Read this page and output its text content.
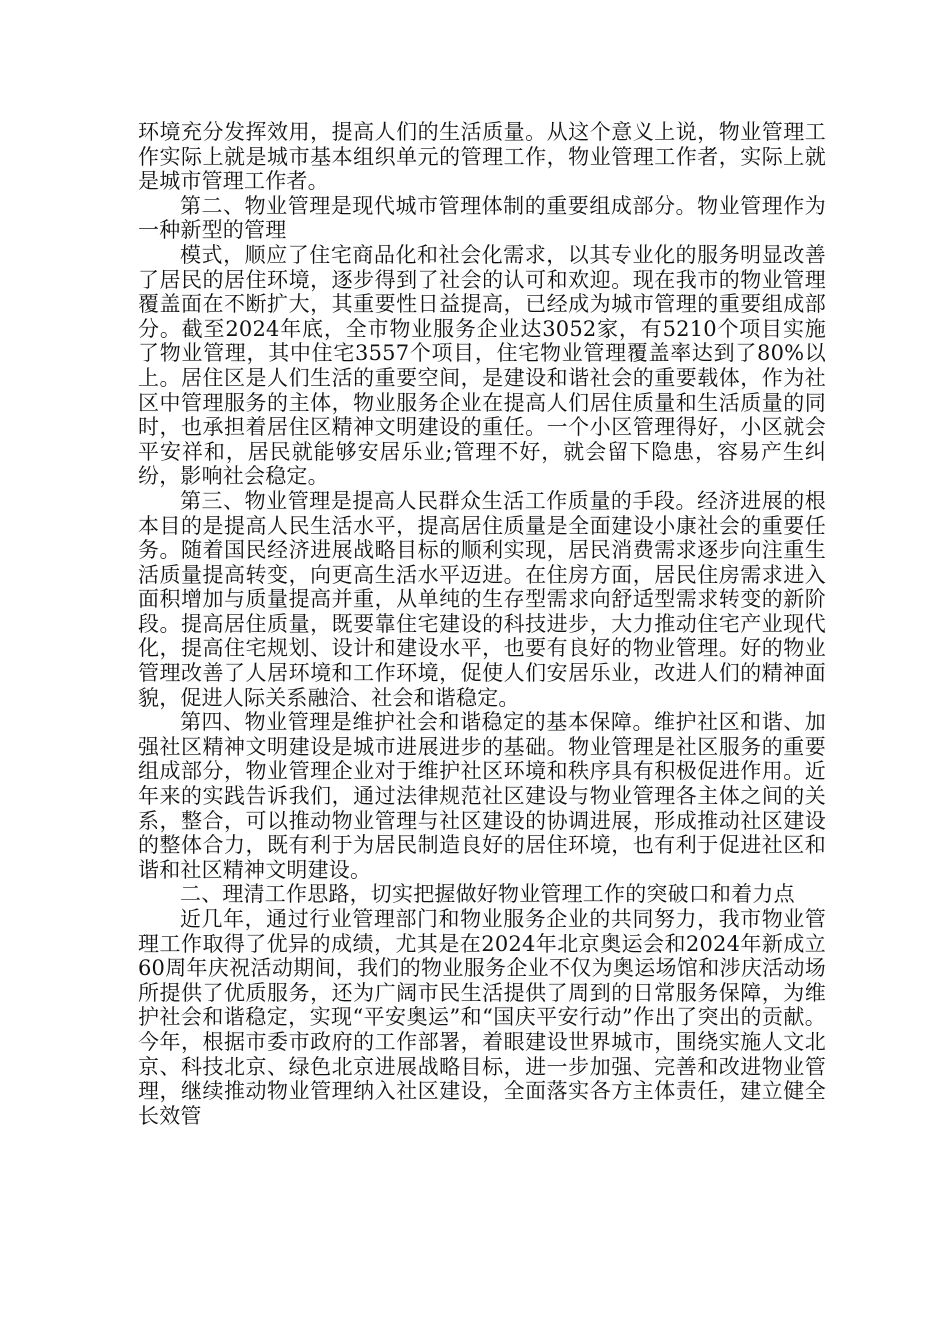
环境充分发挥效用，提高人们的生活质量。从这个意义上说，物业管理工作实际上就是城市基本组织单元的管理工作，物业管理工作者，实际上就是城市管理工作者。

第二、物业管理是现代城市管理体制的重要组成部分。物业管理作为一种新型的管理

模式，顺应了住宅商品化和社会化需求，以其专业化的服务明显改善了居民的居住环境，逐步得到了社会的认可和欢迎。现在我市的物业管理覆盖面在不断扩大，其重要性日益提高，已经成为城市管理的重要组成部分。截至2024年底，全市物业服务企业达3052家，有5210个项目实施了物业管理，其中住宅3557个项目，住宅物业管理覆盖率达到了80%以上。居住区是人们生活的重要空间，是建设和谐社会的重要载体，作为社区中管理服务的主体，物业服务企业在提高人们居住质量和生活质量的同时，也承担着居住区精神文明建设的重任。一个小区管理得好，小区就会平安祥和，居民就能够安居乐业;管理不好，就会留下隐患，容易产生纠纷，影响社会稳定。

第三、物业管理是提高人民群众生活工作质量的手段。经济进展的根本目的是提高人民生活水平，提高居住质量是全面建设小康社会的重要任务。随着国民经济进展战略目标的顺利实现，居民消费需求逐步向注重生活质量提高转变，向更高生活水平迈进。在住房方面，居民住房需求进入面积增加与质量提高并重，从单纯的生存型需求向舒适型需求转变的新阶段。提高居住质量，既要靠住宅建设的科技进步，大力推动住宅产业现代化，提高住宅规划、设计和建设水平，也要有良好的物业管理。好的物业管理改善了人居环境和工作环境，促使人们安居乐业，改进人们的精神面貌，促进人际关系融洽、社会和谐稳定。

第四、物业管理是维护社会和谐稳定的基本保障。维护社区和谐、加强社区精神文明建设是城市进展进步的基础。物业管理是社区服务的重要组成部分，物业管理企业对于维护社区环境和秩序具有积极促进作用。近年来的实践告诉我们，通过法律规范社区建设与物业管理各主体之间的关系，整合，可以推动物业管理与社区建设的协调进展，形成推动社区建设的整体合力，既有利于为居民制造良好的居住环境，也有利于促进社区和谐和社区精神文明建设。

二、理清工作思路，切实把握做好物业管理工作的突破口和着力点

近几年，通过行业管理部门和物业服务企业的共同努力，我市物业管理工作取得了优异的成绩，尤其是在2024年北京奥运会和2024年新成立60周年庆祝活动期间，我们的物业服务企业不仅为奥运场馆和涉庆活动场所提供了优质服务，还为广阔市民生活提供了周到的日常服务保障，为维护社会和谐稳定，实现“平安奥运”和“国庆平安行动”作出了突出的贡献。今年，根据市委市政府的工作部署，着眼建设世界城市，围绕实施人文北京、科技北京、绿色北京进展战略目标，进一步加强、完善和改进物业管理，继续推动物业管理纳入社区建设，全面落实各方主体责任，建立健全长效管
